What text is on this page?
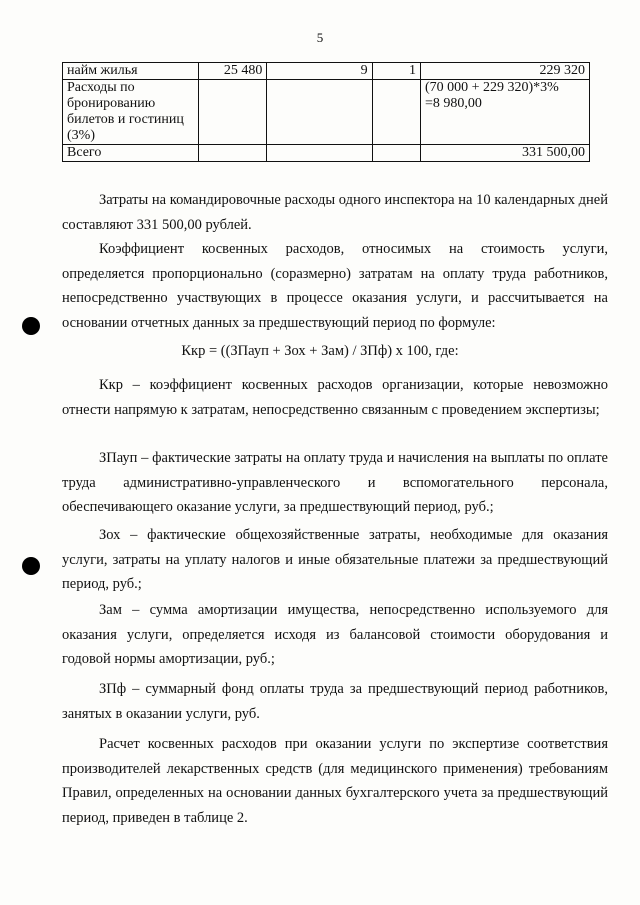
5
найм жилья	25 480	9	1	229 320
Расходы по бронированию билетов и гостиниц (3%)				(70 000 + 229 320)*3% =8 980,00
Всего				331 500,00

Затраты на командировочные расходы одного инспектора на 10 календарных дней составляют 331 500,00 рублей.

Коэффициент косвенных расходов, относимых на стоимость услуги, определяется пропорционально (соразмерно) затратам на оплату труда работников, непосредственно участвующих в процессе оказания услуги, и рассчитывается на основании отчетных данных за предшествующий период по формуле:

Ккр = ((ЗПауп + Зох + Зам) / ЗПф) х 100, где:

Ккр – коэффициент косвенных расходов организации, которые невозможно отнести напрямую к затратам, непосредственно связанным с проведением экспертизы;

ЗПауп – фактические затраты на оплату труда и начисления на выплаты по оплате труда административно-управленческого и вспомогательного персонала, обеспечивающего оказание услуги, за предшествующий период, руб.;

Зох – фактические общехозяйственные затраты, необходимые для оказания услуги, затраты на уплату налогов и иные обязательные платежи за предшествующий период, руб.;

Зам – сумма амортизации имущества, непосредственно используемого для оказания услуги, определяется исходя из балансовой стоимости оборудования и годовой нормы амортизации, руб.;

ЗПф – суммарный фонд оплаты труда за предшествующий период работников, занятых в оказании услуги, руб.

Расчет косвенных расходов при оказании услуги по экспертизе соответствия производителей лекарственных средств (для медицинского применения) требованиям Правил, определенных на основании данных бухгалтерского учета за предшествующий период, приведен в таблице 2.
